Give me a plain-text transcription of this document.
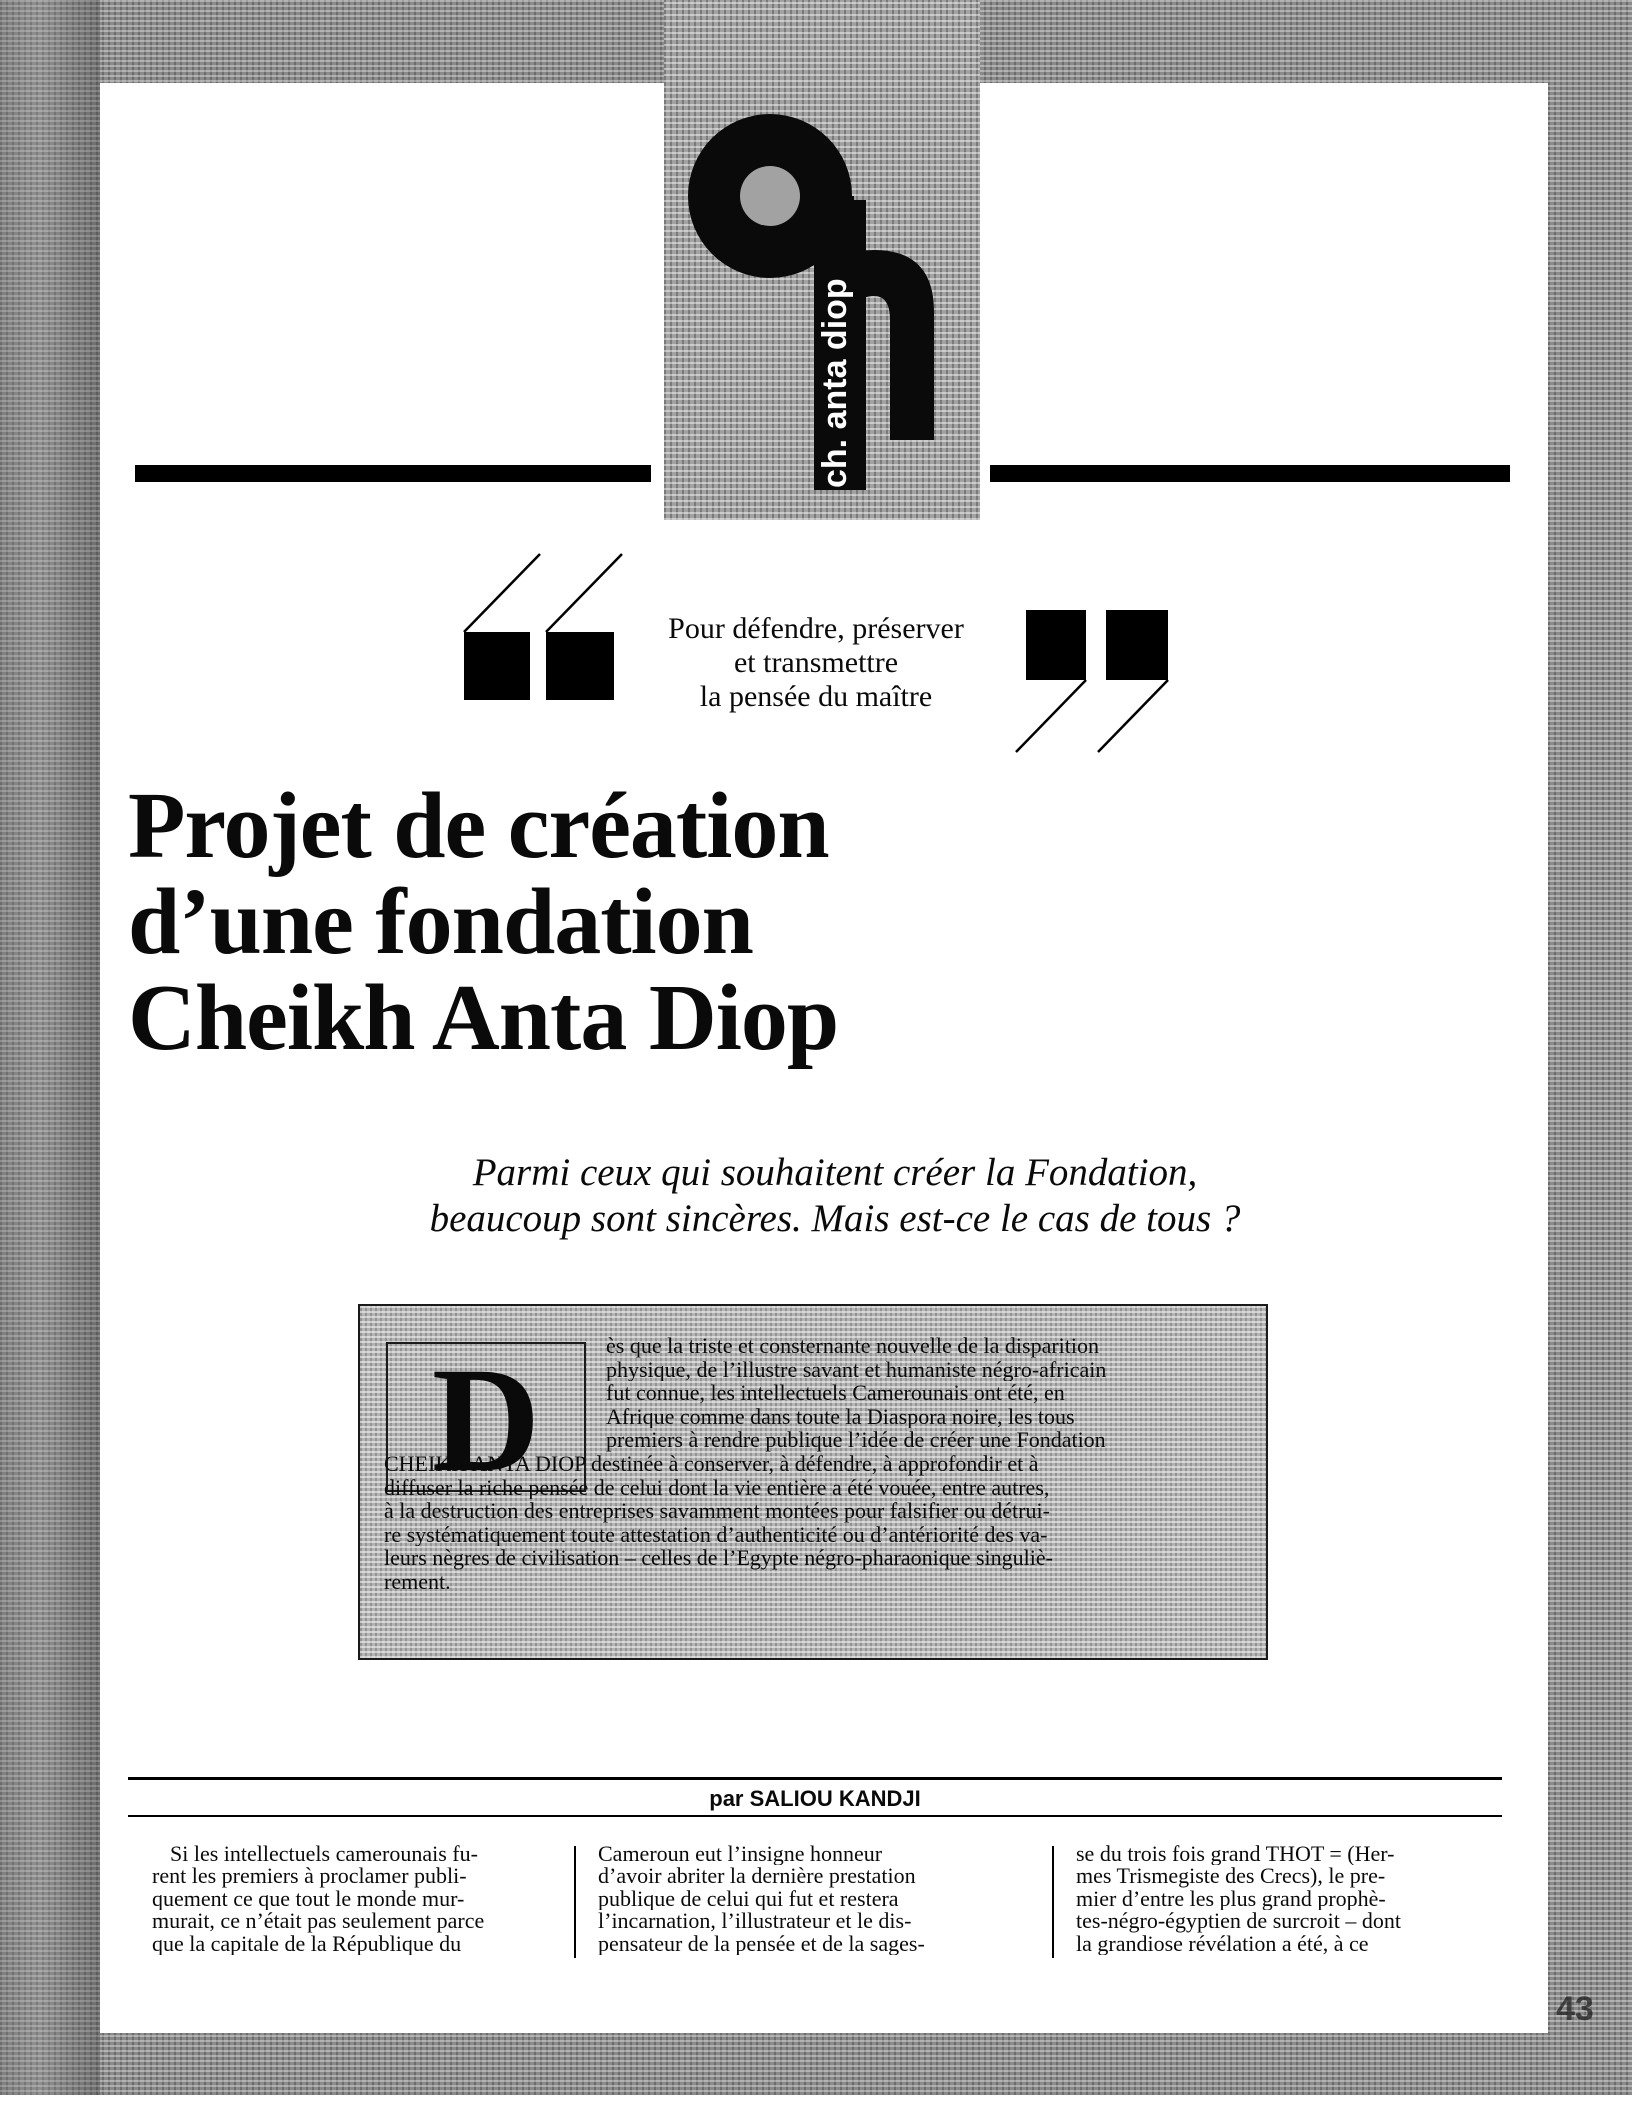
ch. anta diop
Pour défendre, préserver
et transmettre
la pensée du maître
Projet de création
d’une fondation
Cheikh Anta Diop
Parmi ceux qui souhaitent créer la Fondation,
beaucoup sont sincères. Mais est-ce le cas de tous ?
D	ès que la triste et consternante nouvelle de la disparition
physique, de l’illustre savant et humaniste négro-africain
fut connue, les intellectuels Camerounais ont été, en
Afrique comme dans toute la Diaspora noire, les tous
premiers à rendre publique l’idée de créer une Fondation
CHEIKH ANTA DIOP destinée à conserver, à défendre, à approfondir et à
diffuser la riche pensée de celui dont la vie entière a été vouée, entre autres,
à la destruction des entreprises savamment montées pour falsifier ou détrui-
re systématiquement toute attestation d’authenticité ou d’antériorité des va-
leurs nègres de civilisation – celles de l’Egypte négro-pharaonique singuliè-
rement.
par SALIOU KANDJI
Si les intellectuels camerounais fu-
rent les premiers à proclamer publi-
quement ce que tout le monde mur-
murait, ce n’était pas seulement parce
que la capitale de la République du
Cameroun eut l’insigne honneur
d’avoir abriter la dernière prestation
publique de celui qui fut et restera
l’incarnation, l’illustrateur et le dis-
pensateur de la pensée et de la sages-
se du trois fois grand THOT = (Her-
mes Trismegiste des Crecs), le pre-
mier d’entre les plus grand prophè-
tes-négro-égyptien de surcroit – dont
la grandiose révélation a été, à ce
43
